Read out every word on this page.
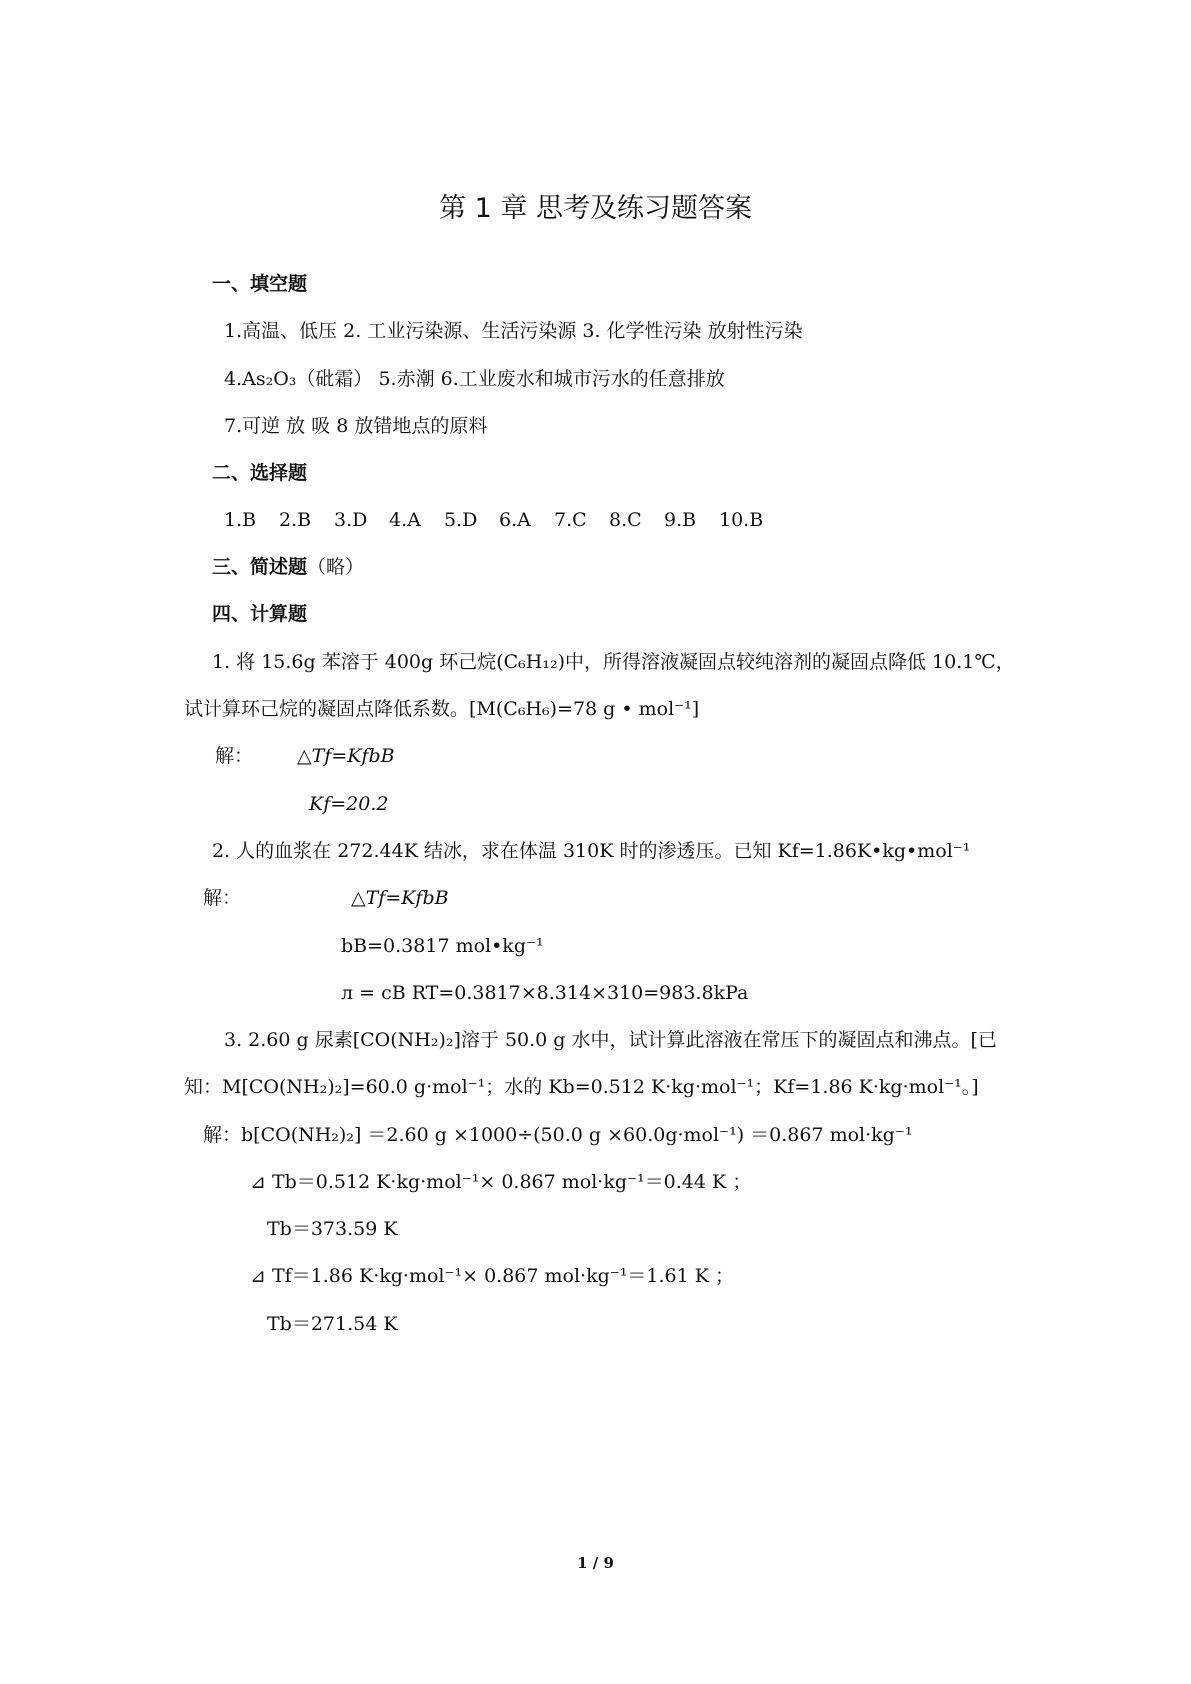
第 1 章 思考及练习题答案
一、填空题
1.高温、低压 2. 工业污染源、生活污染源 3. 化学性污染 放射性污染
4.As₂O₃（砒霜） 5.赤潮 6.工业废水和城市污水的任意排放
7.可逆 放 吸 8 放错地点的原料
二、选择题
1.B 2.B 3.D 4.A 5.D 6.A 7.C 8.C 9.B 10.B
三、简述题（略）
四、计算题
1. 将 15.6g 苯溶于 400g 环己烷(C₆H₁₂)中，所得溶液凝固点较纯溶剂的凝固点降低 10.1℃，
试计算环己烷的凝固点降低系数。[M(C₆H₆)=78 g • mol⁻¹]
解： △Tf=KfbB
Kf=20.2
2. 人的血浆在 272.44K 结冰，求在体温 310K 时的渗透压。已知 Kf=1.86K•kg•mol⁻¹
解：	△Tf=KfbB
bB=0.3817 mol•kg⁻¹
л = cB RT=0.3817×8.314×310=983.8kPa
3. 2.60 g 尿素[CO(NH₂)₂]溶于 50.0 g 水中，试计算此溶液在常压下的凝固点和沸点。[已
知：M[CO(NH₂)₂]=60.0 g·mol⁻¹；水的 Kb=0.512 K·kg·mol⁻¹；Kf=1.86 K·kg·mol⁻¹。]
解：b[CO(NH₂)₂] ＝2.60 g ×1000÷(50.0 g ×60.0g·mol⁻¹) ＝0.867 mol·kg⁻¹
⊿ Tb＝0.512 K·kg·mol⁻¹× 0.867 mol·kg⁻¹＝0.44 K ；
Tb＝373.59 K
⊿ Tf＝1.86 K·kg·mol⁻¹× 0.867 mol·kg⁻¹＝1.61 K ；
Tb＝271.54 K
1 / 9
